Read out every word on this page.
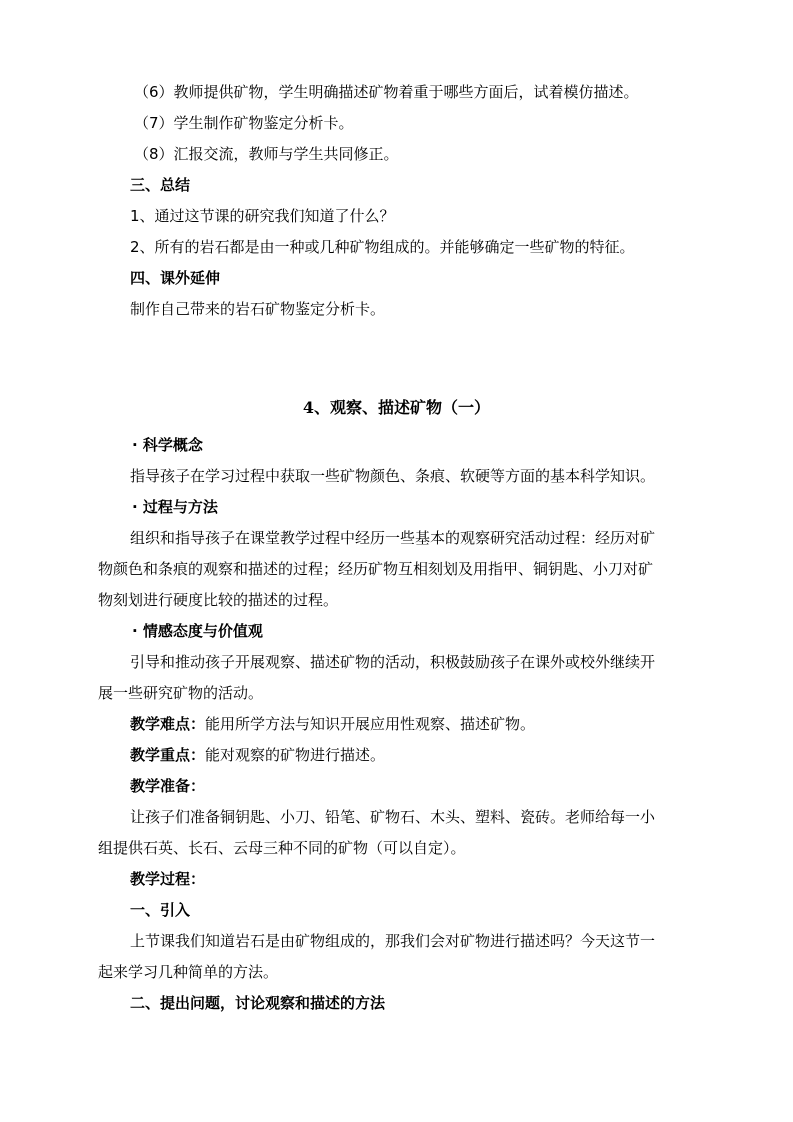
（6）教师提供矿物，学生明确描述矿物着重于哪些方面后，试着模仿描述。
（7）学生制作矿物鉴定分析卡。
（8）汇报交流，教师与学生共同修正。
三、总结
1、通过这节课的研究我们知道了什么？
2、所有的岩石都是由一种或几种矿物组成的。并能够确定一些矿物的特征。
四、课外延伸
制作自己带来的岩石矿物鉴定分析卡。
4、观察、描述矿物（一）
· 科学概念
指导孩子在学习过程中获取一些矿物颜色、条痕、软硬等方面的基本科学知识。
· 过程与方法
组织和指导孩子在课堂教学过程中经历一些基本的观察研究活动过程：经历对矿
物颜色和条痕的观察和描述的过程；经历矿物互相刻划及用指甲、铜钥匙、小刀对矿
物刻划进行硬度比较的描述的过程。
· 情感态度与价值观
引导和推动孩子开展观察、描述矿物的活动，积极鼓励孩子在课外或校外继续开
展一些研究矿物的活动。
教学难点：能用所学方法与知识开展应用性观察、描述矿物。
教学重点：能对观察的矿物进行描述。
教学准备：
让孩子们准备铜钥匙、小刀、铅笔、矿物石、木头、塑料、瓷砖。老师给每一小
组提供石英、长石、云母三种不同的矿物（可以自定）。
教学过程：
一、引入
上节课我们知道岩石是由矿物组成的，那我们会对矿物进行描述吗？今天这节一
起来学习几种简单的方法。
二、提出问题，讨论观察和描述的方法
